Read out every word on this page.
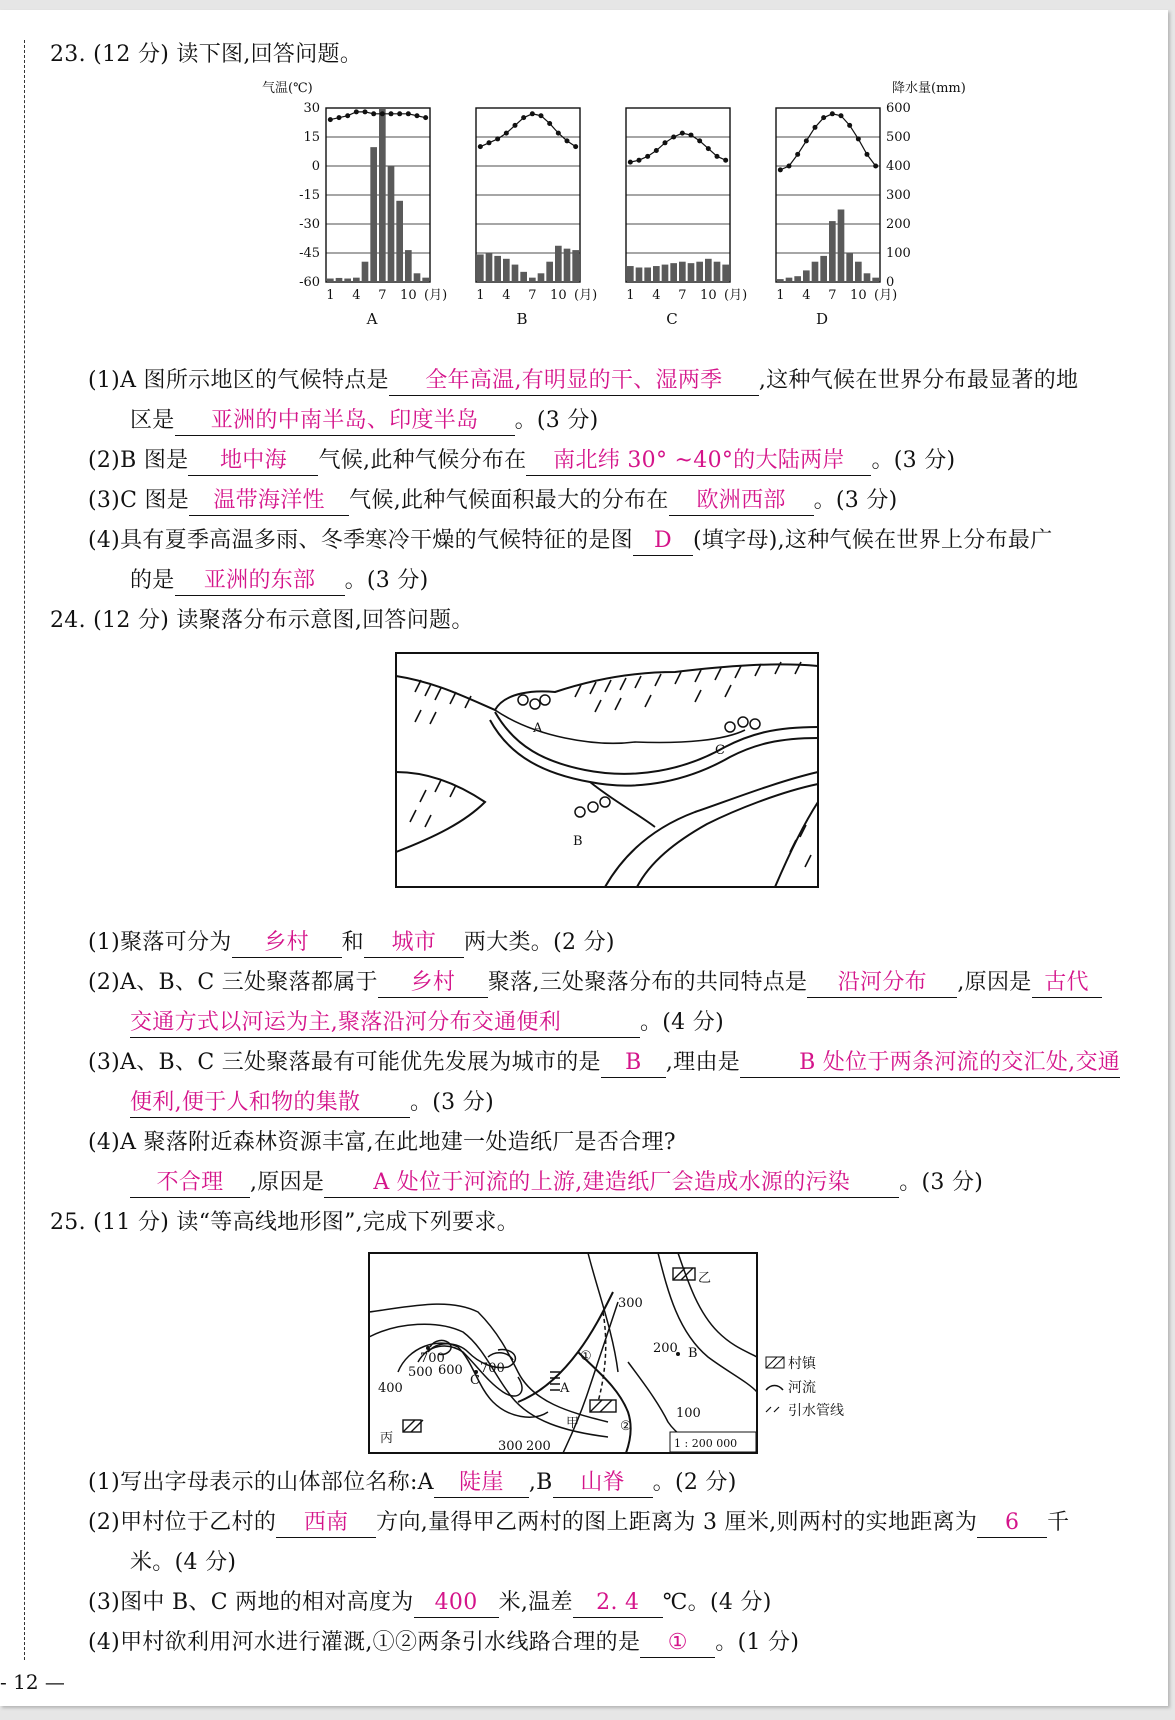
23. (12 分) 读下图,回答问题。
气温(℃)	降水量(mm)
30
15
0
-15
-30
-45
-60
600
500
400
300
200
100
0
1 4 7 10 (月)
A
1 4 7 10 (月)
B
1 4 7 10 (月)
C
1 4 7 10 (月)
D
(1)A 图所示地区的气候特点是 全年高温,有明显的干、湿两季 ,这种气候在世界分布最显著的地
区是 亚洲的中南半岛、印度半岛 。(3 分)
(2)B 图是 地中海 气候,此种气候分布在 南北纬 30° ~40°的大陆两岸 。(3 分)
(3)C 图是 温带海洋性 气候,此种气候面积最大的分布在 欧洲西部 。(3 分)
(4)具有夏季高温多雨、冬季寒冷干燥的气候特征的是图 D (填字母),这种气候在世界上分布最广
的是 亚洲的东部 。(3 分)
24. (12 分) 读聚落分布示意图,回答问题。
A
B
C
(1)聚落可分为 乡村 和 城市 两大类。(2 分)
(2)A、B、C 三处聚落都属于 乡村 聚落,三处聚落分布的共同特点是 沿河分布 ,原因是 古代
交通方式以河运为主,聚落沿河分布交通便利	。(4 分)
(3)A、B、C 三处聚落最有可能优先发展为城市的是 B ,理由是	B 处位于两条河流的交汇处,交通
便利,便于人和物的集散 。(3 分)
(4)A 聚落附近森林资源丰富,在此地建一处造纸厂是否合理?
不合理 ,原因是 A 处位于河流的上游,建造纸厂会造成水源的污染 。(3 分)
25. (11 分) 读“等高线地形图”,完成下列要求。
300
200
700
700
600
500
400
100
300 200
A
B
C
①
②
乙
甲
丙	1 : 200 000
村镇
河流
引水管线
(1)写出字母表示的山体部位名称:A 陡崖 ,B 山脊 。(2 分)
(2)甲村位于乙村的 西南 方向,量得甲乙两村的图上距离为 3 厘米,则两村的实地距离为 6 千
米。(4 分)
(3)图中 B、C 两地的相对高度为 400 米,温差 2. 4 ℃。(4 分)
(4)甲村欲利用河水进行灌溉,①②两条引水线路合理的是 ① 。(1 分)
- 12 —
